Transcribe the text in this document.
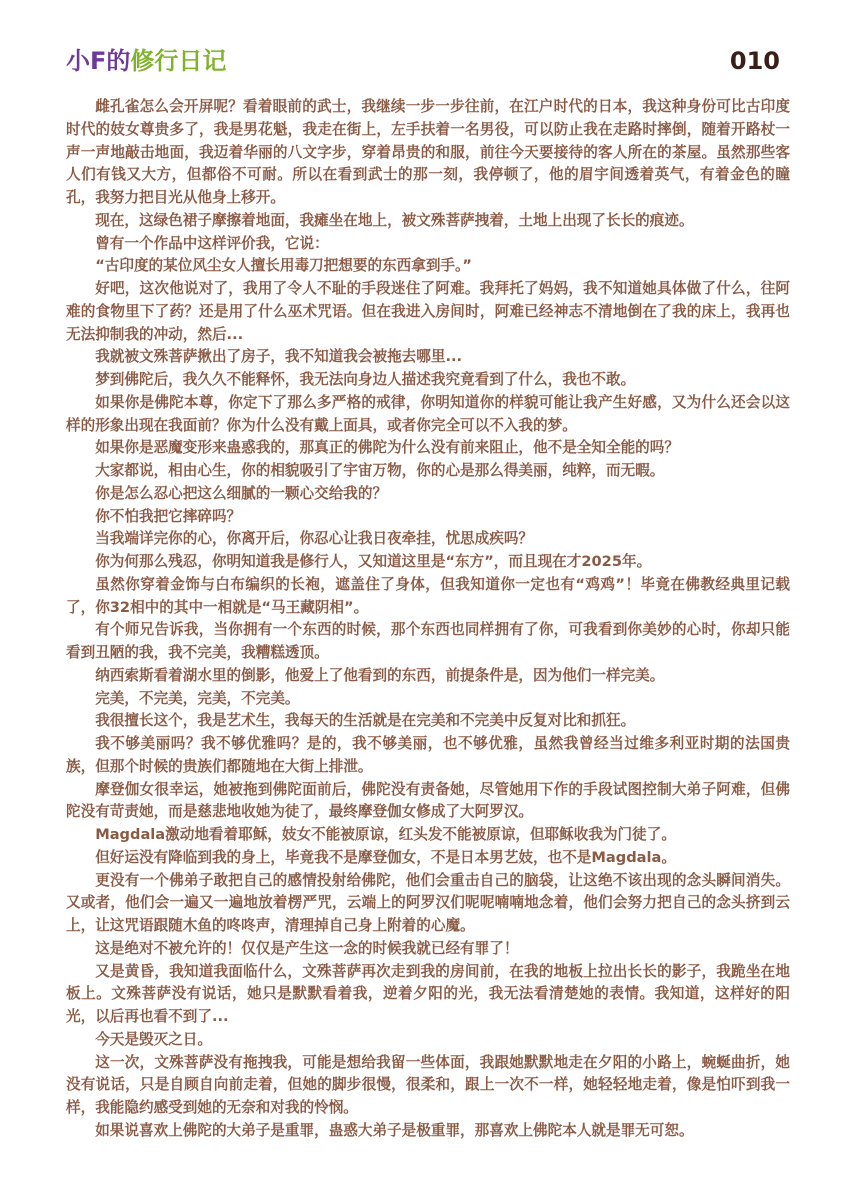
小F的修行日记	010

雌孔雀怎么会开屏呢？看着眼前的武士，我继续一步一步往前，在江户时代的日本，我这种身份可比古印度时代的妓女尊贵多了，我是男花魁，我走在街上，左手扶着一名男役，可以防止我在走路时摔倒，随着开路杖一声一声地敲击地面，我迈着华丽的八文字步，穿着昂贵的和服，前往今天要接待的客人所在的茶屋。虽然那些客人们有钱又大方，但都俗不可耐。所以在看到武士的那一刻，我停顿了，他的眉宇间透着英气，有着金色的瞳孔，我努力把目光从他身上移开。

现在，这绿色裙子摩擦着地面，我瘫坐在地上，被文殊菩萨拽着，土地上出现了长长的痕迹。

曾有一个作品中这样评价我，它说：

“古印度的某位风尘女人擅长用毒刀把想要的东西拿到手。”

好吧，这次他说对了，我用了令人不耻的手段迷住了阿难。我拜托了妈妈，我不知道她具体做了什么，往阿难的食物里下了药？还是用了什么巫术咒语。但在我进入房间时，阿难已经神志不清地倒在了我的床上，我再也无法抑制我的冲动，然后...

我就被文殊菩萨揪出了房子，我不知道我会被拖去哪里...

梦到佛陀后，我久久不能释怀，我无法向身边人描述我究竟看到了什么，我也不敢。

如果你是佛陀本尊，你定下了那么多严格的戒律，你明知道你的样貌可能让我产生好感，又为什么还会以这样的形象出现在我面前？你为什么没有戴上面具，或者你完全可以不入我的梦。

如果你是恶魔变形来蛊惑我的，那真正的佛陀为什么没有前来阻止，他不是全知全能的吗？

大家都说，相由心生，你的相貌吸引了宇宙万物，你的心是那么得美丽，纯粹，而无暇。

你是怎么忍心把这么细腻的一颗心交给我的？

你不怕我把它摔碎吗？

当我端详完你的心，你离开后，你忍心让我日夜牵挂，忧思成疾吗？

你为何那么残忍，你明知道我是修行人，又知道这里是“东方”，而且现在才2025年。

虽然你穿着金饰与白布编织的长袍，遮盖住了身体，但我知道你一定也有“鸡鸡”！毕竟在佛教经典里记载了，你32相中的其中一相就是“马王藏阴相”。

有个师兄告诉我，当你拥有一个东西的时候，那个东西也同样拥有了你，可我看到你美妙的心时，你却只能看到丑陋的我，我不完美，我糟糕透顶。

纳西索斯看着湖水里的倒影，他爱上了他看到的东西，前提条件是，因为他们一样完美。

完美，不完美，完美，不完美。

我很擅长这个，我是艺术生，我每天的生活就是在完美和不完美中反复对比和抓狂。

我不够美丽吗？我不够优雅吗？是的，我不够美丽，也不够优雅，虽然我曾经当过维多利亚时期的法国贵族，但那个时候的贵族们都随地在大街上排泄。

摩登伽女很幸运，她被拖到佛陀面前后，佛陀没有责备她，尽管她用下作的手段试图控制大弟子阿难，但佛陀没有苛责她，而是慈悲地收她为徒了，最终摩登伽女修成了大阿罗汉。

Magdala激动地看着耶稣，妓女不能被原谅，红头发不能被原谅，但耶稣收我为门徒了。

但好运没有降临到我的身上，毕竟我不是摩登伽女，不是日本男艺妓，也不是Magdala。

更没有一个佛弟子敢把自己的感情投射给佛陀，他们会重击自己的脑袋，让这绝不该出现的念头瞬间消失。又或者，他们会一遍又一遍地放着楞严咒，云端上的阿罗汉们呢呢喃喃地念着，他们会努力把自己的念头挤到云上，让这咒语跟随木鱼的咚咚声，清理掉自己身上附着的心魔。

这是绝对不被允许的！仅仅是产生这一念的时候我就已经有罪了！

又是黄昏，我知道我面临什么，文殊菩萨再次走到我的房间前，在我的地板上拉出长长的影子，我跪坐在地板上。文殊菩萨没有说话，她只是默默看着我，逆着夕阳的光，我无法看清楚她的表情。我知道，这样好的阳光，以后再也看不到了...

今天是毁灭之日。

这一次，文殊菩萨没有拖拽我，可能是想给我留一些体面，我跟她默默地走在夕阳的小路上，蜿蜒曲折，她没有说话，只是自顾自向前走着，但她的脚步很慢，很柔和，跟上一次不一样，她轻轻地走着，像是怕吓到我一样，我能隐约感受到她的无奈和对我的怜悯。

如果说喜欢上佛陀的大弟子是重罪，蛊惑大弟子是极重罪，那喜欢上佛陀本人就是罪无可恕。
